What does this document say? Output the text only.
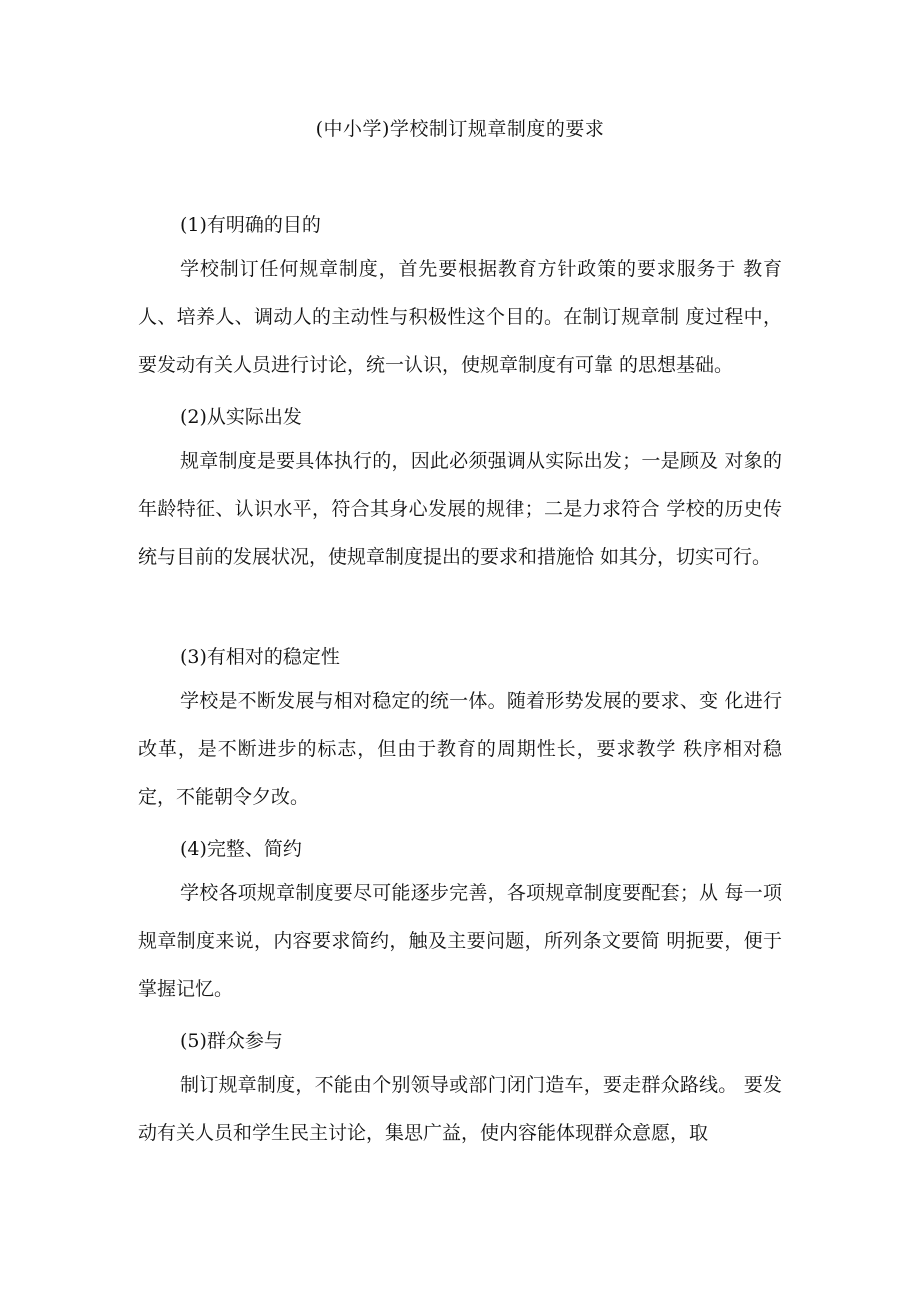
(中小学)学校制订规章制度的要求
(1)有明确的目的
学校制订任何规章制度，首先要根据教育方针政策的要求服务于 教育人、培养人、调动人的主动性与积极性这个目的。在制订规章制 度过程中，要发动有关人员进行讨论，统一认识，使规章制度有可靠 的思想基础。
(2)从实际出发
规章制度是要具体执行的，因此必须强调从实际出发；一是顾及 对象的年龄特征、认识水平，符合其身心发展的规律；二是力求符合 学校的历史传统与目前的发展状况，使规章制度提出的要求和措施恰 如其分，切实可行。
(3)有相对的稳定性
学校是不断发展与相对稳定的统一体。随着形势发展的要求、变 化进行改革，是不断进步的标志，但由于教育的周期性长，要求教学 秩序相对稳定，不能朝令夕改。
(4)完整、简约
学校各项规章制度要尽可能逐步完善，各项规章制度要配套；从 每一项规章制度来说，内容要求简约，触及主要问题，所列条文要简 明扼要，便于掌握记忆。
(5)群众参与
制订规章制度，不能由个别领导或部门闭门造车，要走群众路线。 要发动有关人员和学生民主讨论，集思广益，使内容能体现群众意愿，取
